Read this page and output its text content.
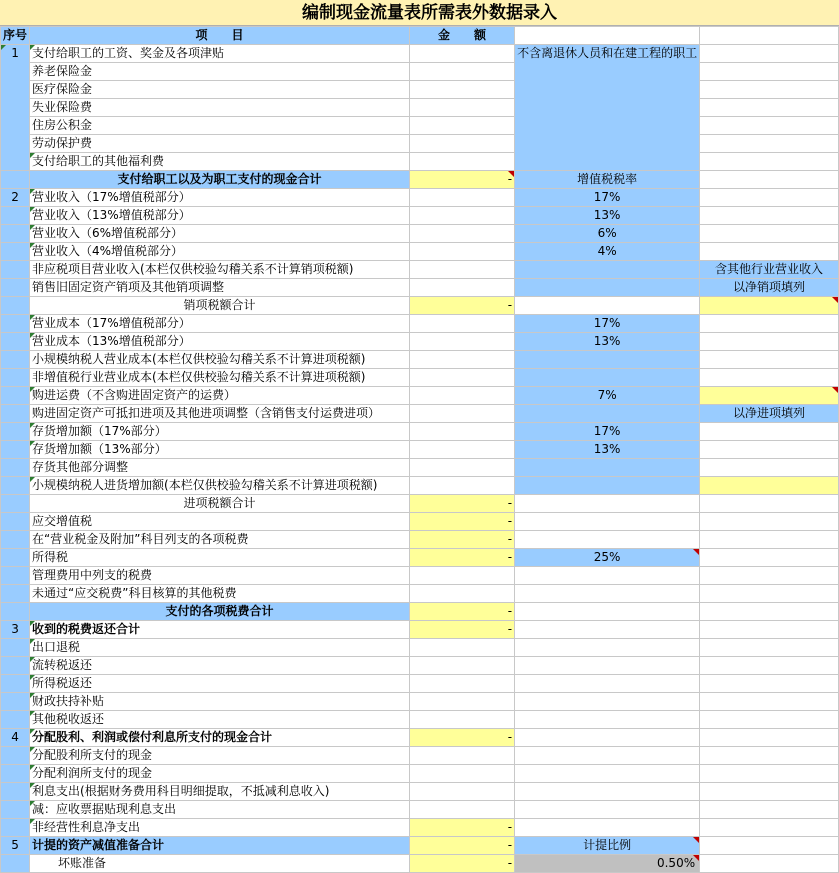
编制现金流量表所需表外数据录入
序号	项　　目	金　　额		
1	支付给职工的工资、奖金及各项津贴		不含离退休人员和在建工程的职工	
	养老保险金			
	医疗保险金			
	失业保险费			
	住房公积金			
	劳动保护费			
	支付给职工的其他福利费			
	支付给职工以及为职工支付的现金合计	-	增值税税率	
2	营业收入（17%增值税部分）		17%	
	营业收入（13%增值税部分）		13%	
	营业收入（6%增值税部分）		6%	
	营业收入（4%增值税部分）		4%	
	非应税项目营业收入(本栏仅供校验勾稽关系不计算销项税额)			含其他行业营业收入
	销售旧固定资产销项及其他销项调整			以净销项填列
	销项税额合计	-		
	营业成本（17%增值税部分）		17%	
	营业成本（13%增值税部分）		13%	
	小规模纳税人营业成本(本栏仅供校验勾稽关系不计算进项税额)			
	非增值税行业营业成本(本栏仅供校验勾稽关系不计算进项税额)			
	购进运费（不含购进固定资产的运费）		7%	
	购进固定资产可抵扣进项及其他进项调整（含销售支付运费进项）			以净进项填列
	存货增加额（17%部分）		17%	
	存货增加额（13%部分）		13%	
	存货其他部分调整			
	小规模纳税人进货增加额(本栏仅供校验勾稽关系不计算进项税额)			
	进项税额合计	-		
	应交增值税	-		
	在“营业税金及附加”科目列支的各项税费	-		
	所得税	-	25%	
	管理费用中列支的税费			
	未通过“应交税费”科目核算的其他税费			
	支付的各项税费合计	-		
3	收到的税费返还合计	-		
	出口退税			
	流转税返还			
	所得税返还			
	财政扶持补贴			
	其他税收返还			
4	分配股利、利润或偿付利息所支付的现金合计	-		
	分配股利所支付的现金			
	分配利润所支付的现金			
	利息支出(根据财务费用科目明细提取，不抵减利息收入)			
	减：应收票据贴现利息支出			
	非经营性利息净支出	-		
5	计提的资产减值准备合计	-	计提比例	
	坏账准备	-	0.50%	
